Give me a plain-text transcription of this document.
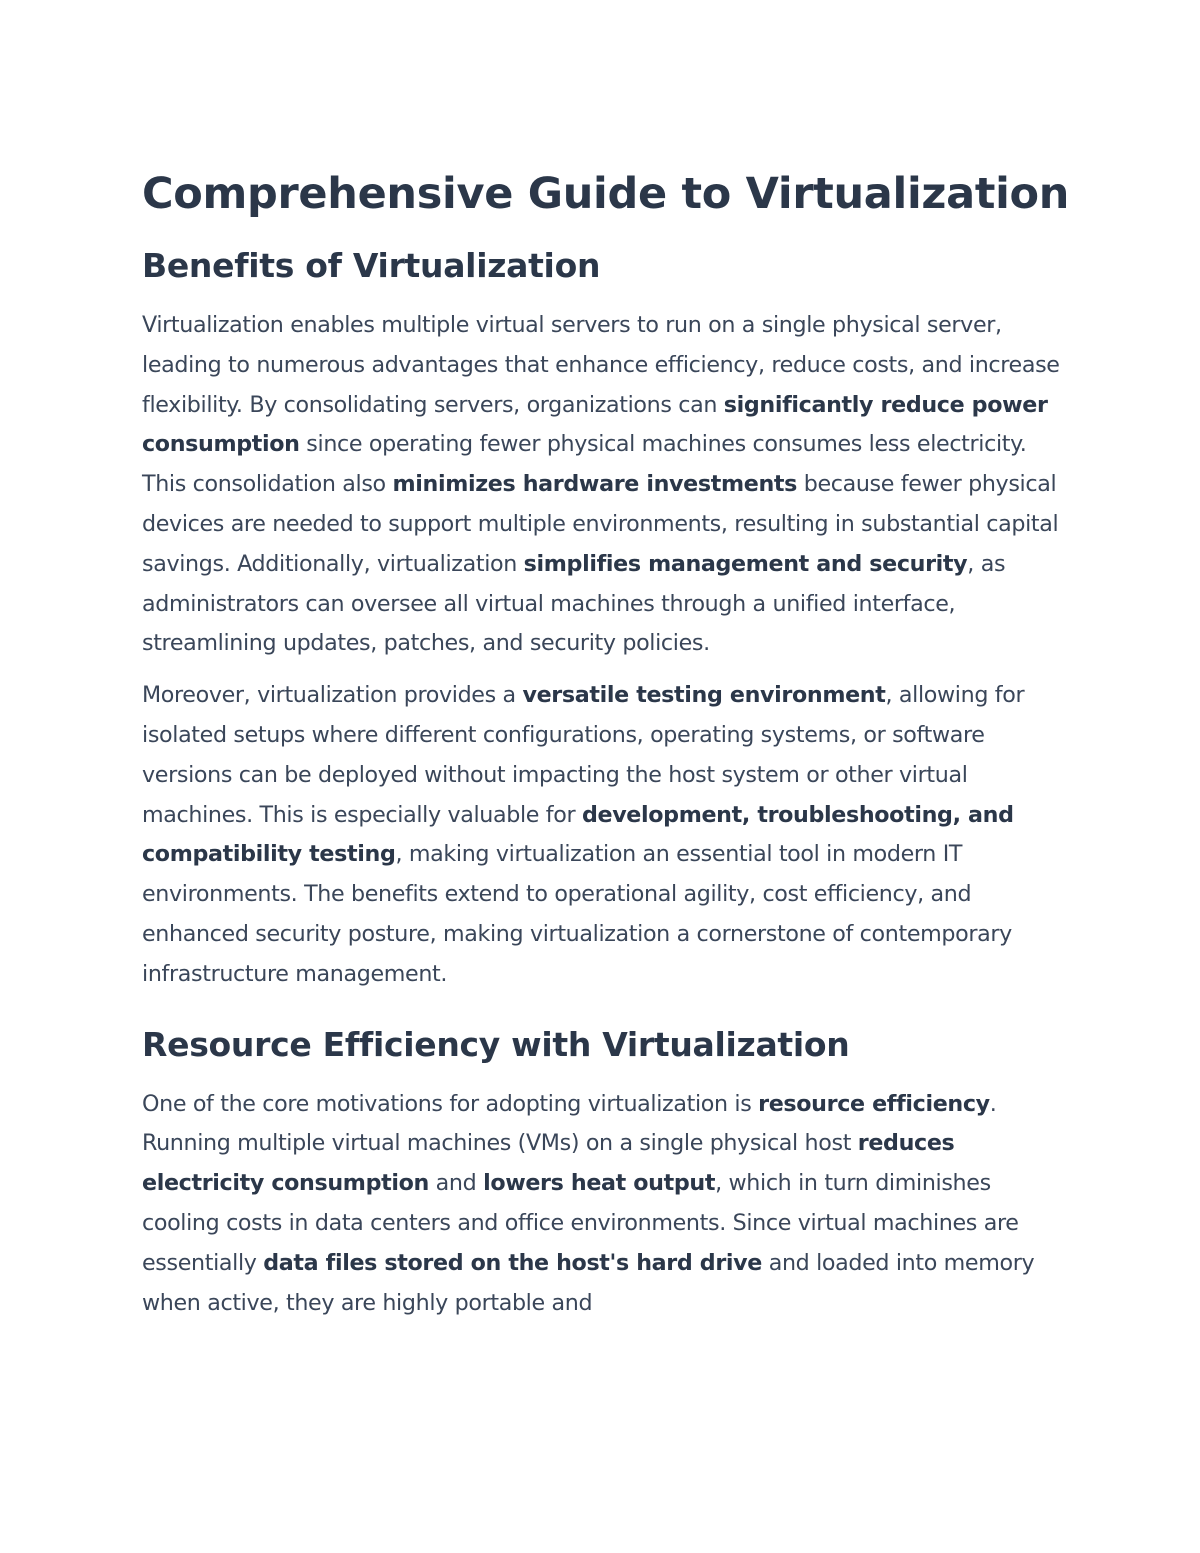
Comprehensive Guide to Virtualization
Benefits of Virtualization

Virtualization enables multiple virtual servers to run on a single physical server, leading to numerous advantages that enhance efficiency, reduce costs, and increase flexibility. By consolidating servers, organizations can significantly reduce power consumption since operating fewer physical machines consumes less electricity. This consolidation also minimizes hardware investments because fewer physical devices are needed to support multiple environments, resulting in substantial capital savings. Additionally, virtualization simplifies management and security, as administrators can oversee all virtual machines through a unified interface, streamlining updates, patches, and security policies.

Moreover, virtualization provides a versatile testing environment, allowing for isolated setups where different configurations, operating systems, or software versions can be deployed without impacting the host system or other virtual machines. This is especially valuable for development, troubleshooting, and compatibility testing, making virtualization an essential tool in modern IT environments. The benefits extend to operational agility, cost efficiency, and enhanced security posture, making virtualization a cornerstone of contemporary infrastructure management.

Resource Efficiency with Virtualization

One of the core motivations for adopting virtualization is resource efficiency. Running multiple virtual machines (VMs) on a single physical host reduces electricity consumption and lowers heat output, which in turn diminishes cooling costs in data centers and office environments. Since virtual machines are essentially data files stored on the host's hard drive and loaded into memory when active, they are highly portable and
